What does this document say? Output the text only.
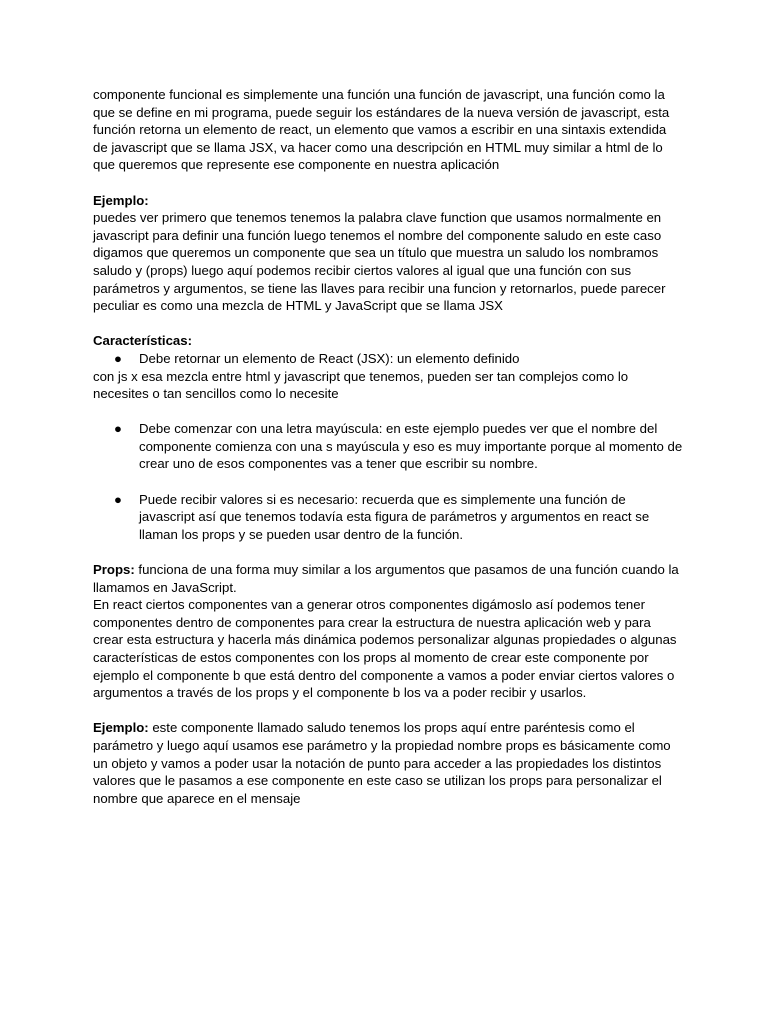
componente funcional es simplemente una función una función de javascript, una función como la que se define en mi programa, puede seguir los estándares de la nueva versión de javascript, esta función retorna un elemento de react, un elemento que vamos a escribir en una sintaxis extendida de javascript que se llama JSX, va hacer como una descripción en HTML muy similar a html de lo que queremos que represente ese componente en nuestra aplicación

Ejemplo:

puedes ver primero que tenemos tenemos la palabra clave function que usamos normalmente en javascript para definir una función luego tenemos el nombre del componente saludo en este caso digamos que queremos un componente que sea un título que muestra un saludo los nombramos saludo y (props) luego aquí podemos recibir ciertos valores al igual que una función con sus parámetros y argumentos, se tiene las llaves para recibir una funcion y retornarlos, puede parecer peculiar es como una mezcla de HTML y JavaScript que se llama JSX

Características:

● Debe retornar un elemento de React (JSX): un elemento definido

con js x esa mezcla entre html y javascript que tenemos, pueden ser tan complejos como lo necesites o tan sencillos como lo necesite

● Debe comenzar con una letra mayúscula: en este ejemplo puedes ver que el nombre del componente comienza con una s mayúscula y eso es muy importante porque al momento de crear uno de esos componentes vas a tener que escribir su nombre.
● Puede recibir valores si es necesario: recuerda que es simplemente una función de javascript así que tenemos todavía esta figura de parámetros y argumentos en react se llaman los props y se pueden usar dentro de la función.

Props: funciona de una forma muy similar a los argumentos que pasamos de una función cuando la llamamos en JavaScript.

En react ciertos componentes van a generar otros componentes digámoslo así podemos tener componentes dentro de componentes para crear la estructura de nuestra aplicación web y para crear esta estructura y hacerla más dinámica podemos personalizar algunas propiedades o algunas características de estos componentes con los props al momento de crear este componente por ejemplo el componente b que está dentro del componente a vamos a poder enviar ciertos valores o argumentos a través de los props y el componente b los va a poder recibir y usarlos.

Ejemplo: este componente llamado saludo tenemos los props aquí entre paréntesis como el parámetro y luego aquí usamos ese parámetro y la propiedad nombre props es básicamente como un objeto y vamos a poder usar la notación de punto para acceder a las propiedades los distintos valores que le pasamos a ese componente en este caso se utilizan los props para personalizar el nombre que aparece en el mensaje
